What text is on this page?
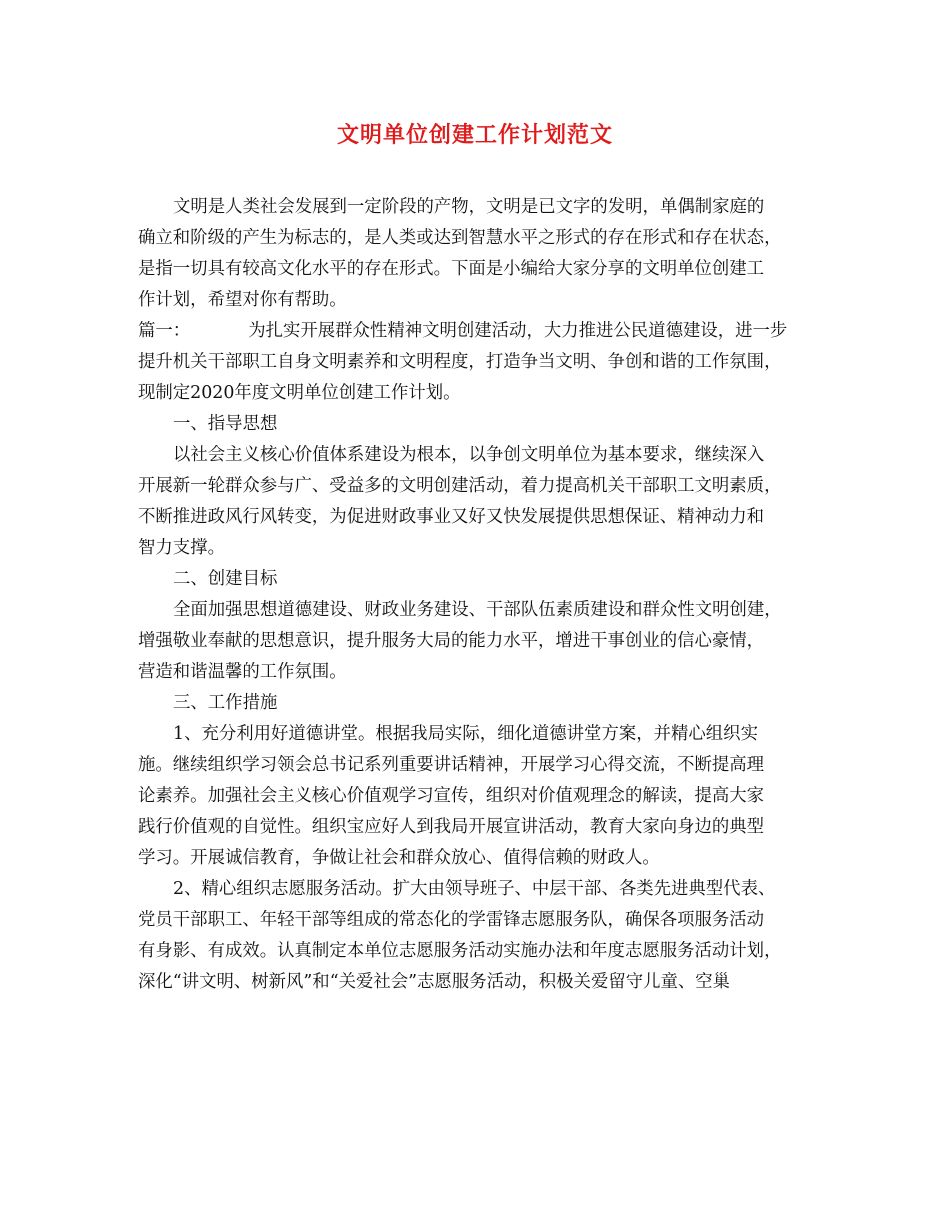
文明单位创建工作计划范文
文明是人类社会发展到一定阶段的产物，文明是已文字的发明，单偶制家庭的
确立和阶级的产生为标志的，是人类或达到智慧水平之形式的存在形式和存在状态，
是指一切具有较高文化水平的存在形式。下面是小编给大家分享的文明单位创建工
作计划，希望对你有帮助。
篇一：	为扎实开展群众性精神文明创建活动，大力推进公民道德建设，进一步
提升机关干部职工自身文明素养和文明程度，打造争当文明、争创和谐的工作氛围，
现制定2020年度文明单位创建工作计划。
一、指导思想
以社会主义核心价值体系建设为根本，以争创文明单位为基本要求，继续深入
开展新一轮群众参与广、受益多的文明创建活动，着力提高机关干部职工文明素质，
不断推进政风行风转变，为促进财政事业又好又快发展提供思想保证、精神动力和
智力支撑。
二、创建目标
全面加强思想道德建设、财政业务建设、干部队伍素质建设和群众性文明创建，
增强敬业奉献的思想意识，提升服务大局的能力水平，增进干事创业的信心豪情，
营造和谐温馨的工作氛围。
三、工作措施
1、充分利用好道德讲堂。根据我局实际，细化道德讲堂方案，并精心组织实
施。继续组织学习领会总书记系列重要讲话精神，开展学习心得交流，不断提高理
论素养。加强社会主义核心价值观学习宣传，组织对价值观理念的解读，提高大家
践行价值观的自觉性。组织宝应好人到我局开展宣讲活动，教育大家向身边的典型
学习。开展诚信教育，争做让社会和群众放心、值得信赖的财政人。
2、精心组织志愿服务活动。扩大由领导班子、中层干部、各类先进典型代表、
党员干部职工、年轻干部等组成的常态化的学雷锋志愿服务队，确保各项服务活动
有身影、有成效。认真制定本单位志愿服务活动实施办法和年度志愿服务活动计划，
深化“讲文明、树新风”和“关爱社会”志愿服务活动，积极关爱留守儿童、空巢
